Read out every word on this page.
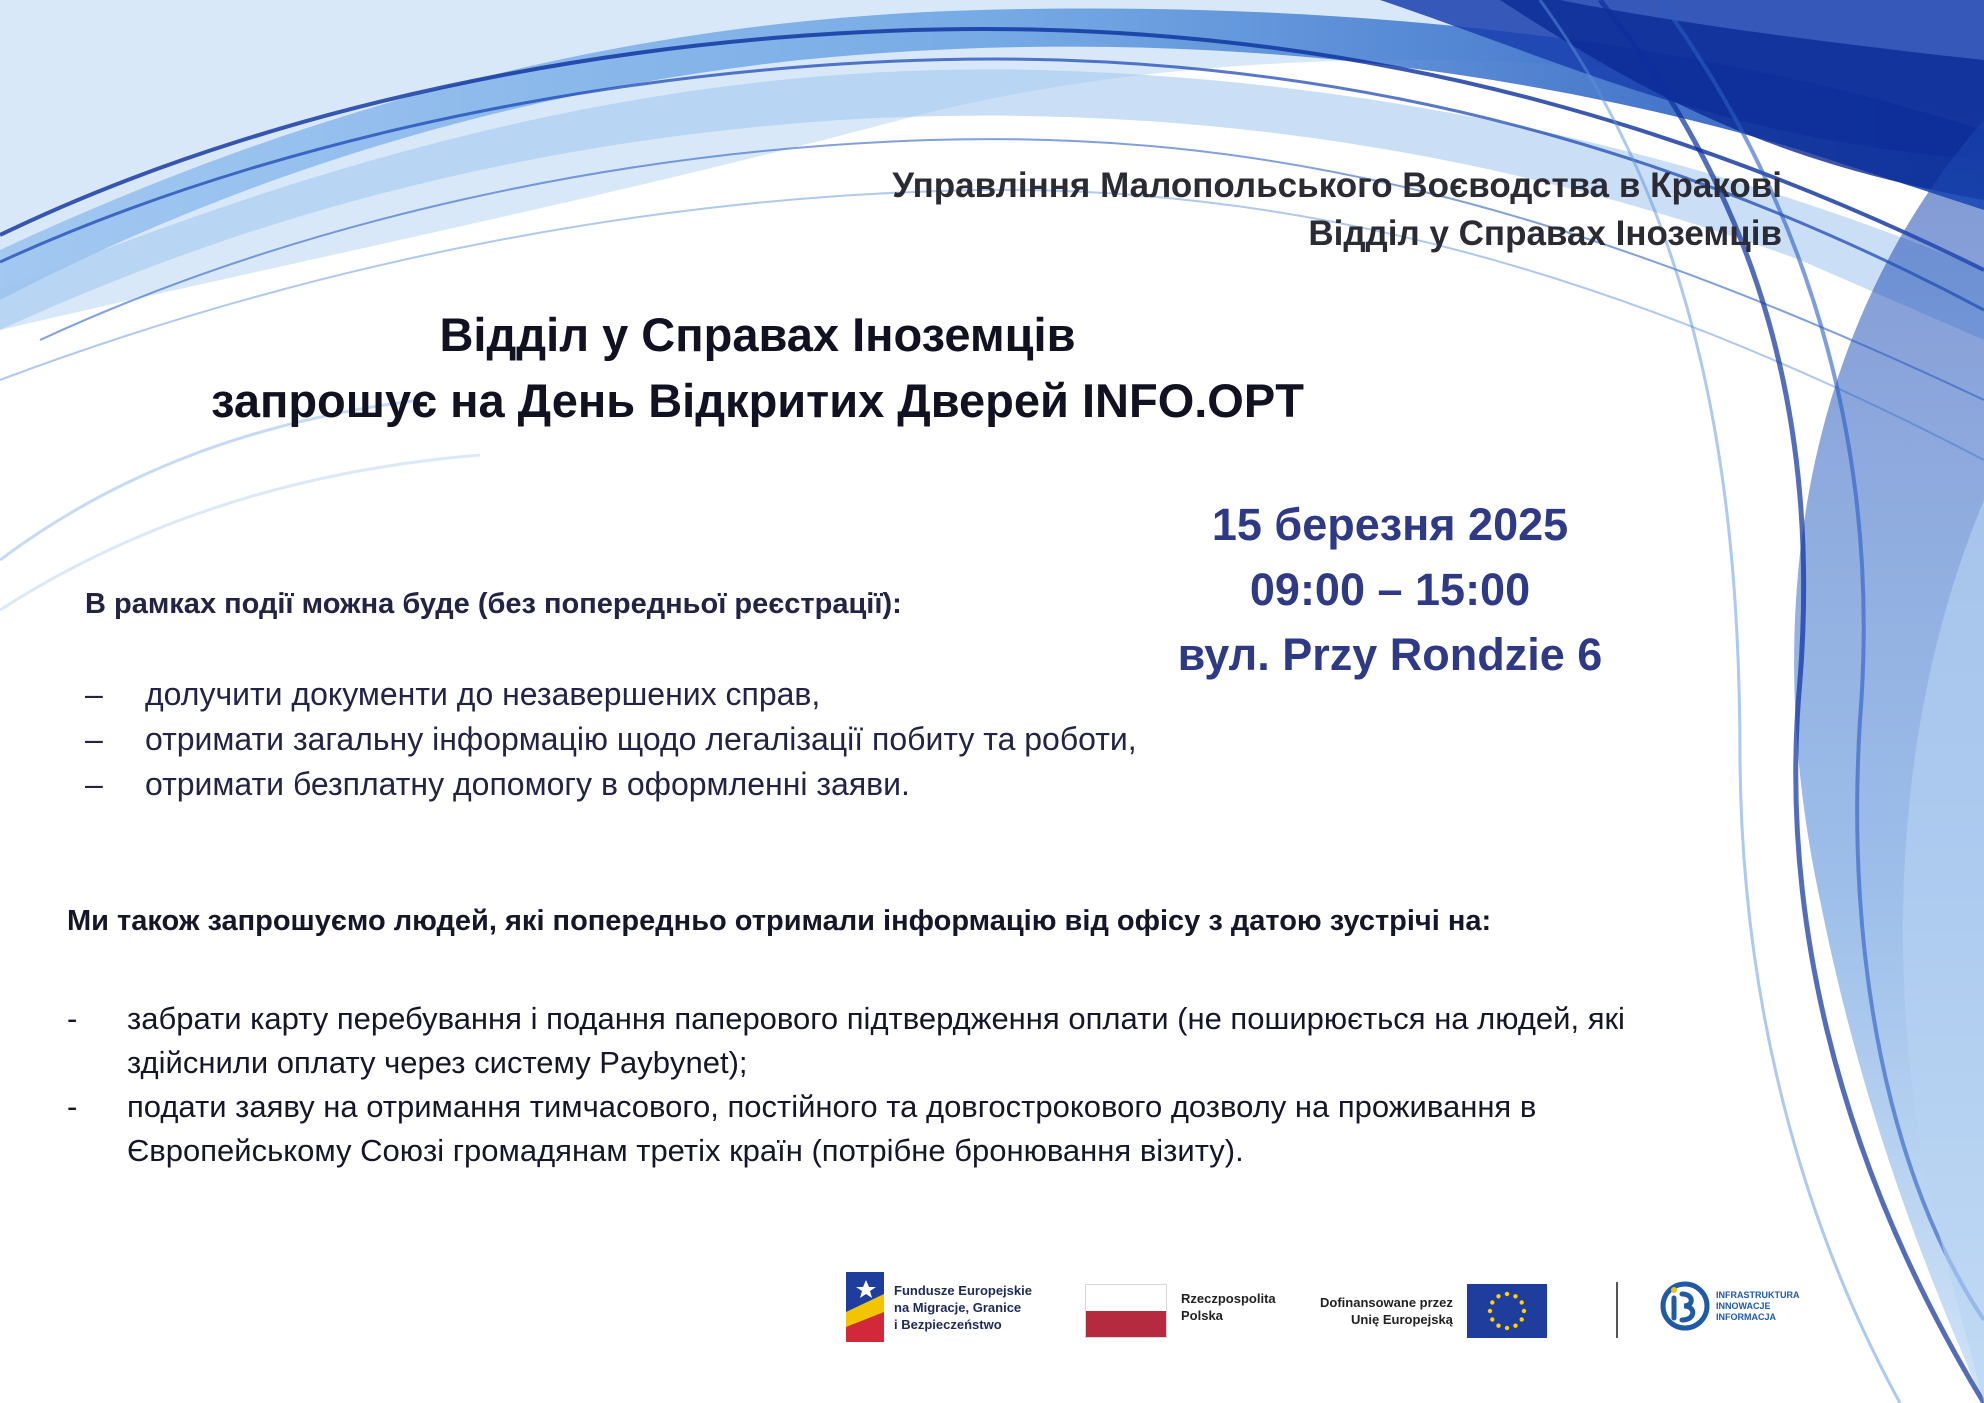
Управління Малопольського Воєводства в Кракові
Відділ у Справах Іноземців
Відділ у Справах Іноземців
запрошує на День Відкритих Дверей INFO.OPT
15 березня 2025
09:00 – 15:00
вул. Przy Rondzie 6
В рамках події можна буде (без попередньої реєстрації):
– долучити документи до незавершених справ,
– отримати загальну інформацію щодо легалізації побиту та роботи,
– отримати безплатну допомогу в оформленні заяви.
Ми також запрошуємо людей, які попередньо отримали інформацію від офісу з датою зустрічі на:
- забрати карту перебування і подання паперового підтвердження оплати (не поширюється на людей, які здійснили оплату через систему Paybynet);
- подати заяву на отримання тимчасового, постійного та довгострокового дозволу на проживання в Європейському Союзі громадянам третіх країн (потрібне бронювання візиту).
Fundusze Europejskie
na Migracje, Granice
i Bezpieczeństwo
Rzeczpospolita
Polska
Dofinansowane przez
Unię Europejską
INFRASTRUKTURA
INNOWACJE
INFORMACJA
